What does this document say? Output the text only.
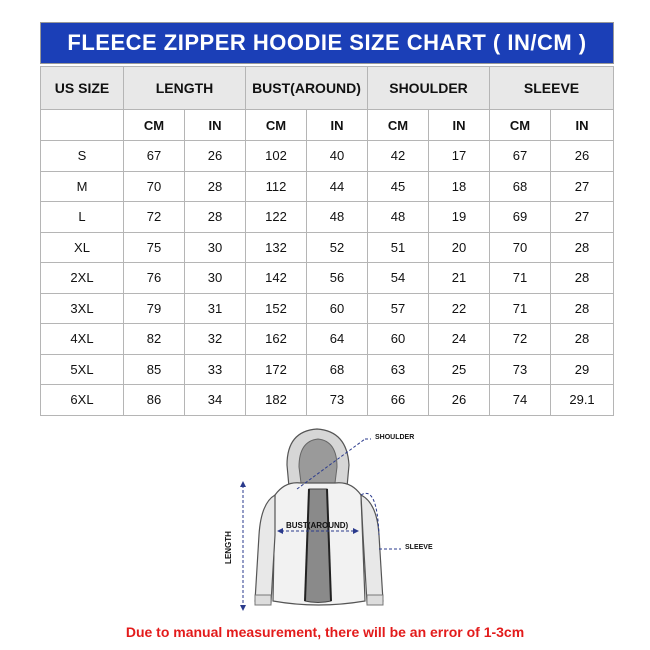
FLEECE ZIPPER HOODIE SIZE CHART ( IN/CM )
US SIZE	LENGTH		BUST(AROUND)		SHOULDER		SLEEVE	
	CM	IN	CM	IN	CM	IN	CM	IN
S	67	26	102	40	42	17	67	26
M	70	28	112	44	45	18	68	27
L	72	28	122	48	48	19	69	27
XL	75	30	132	52	51	20	70	28
2XL	76	30	142	56	54	21	71	28
3XL	79	31	152	60	57	22	71	28
4XL	82	32	162	64	60	24	72	28
5XL	85	33	172	68	63	25	73	29
6XL	86	34	182	73	66	26	74	29.1
SHOULDER
BUST(AROUND)
SLEEVE
LENGTH
Due to manual measurement, there will be an error of 1-3cm
